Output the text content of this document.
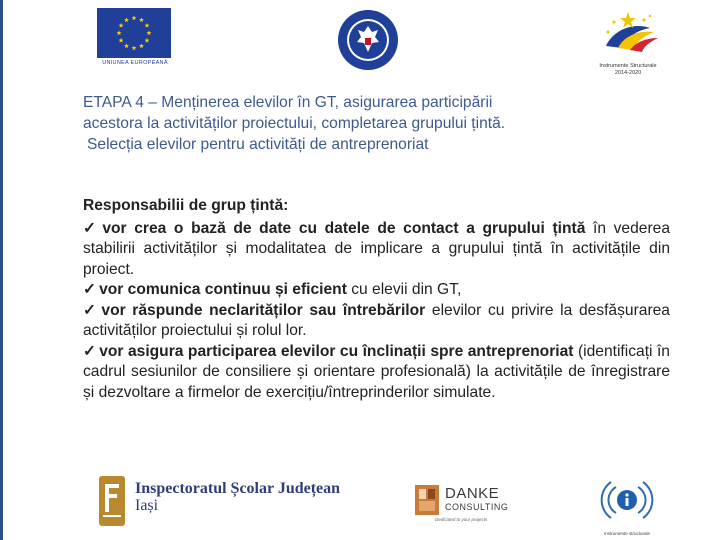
UNIUNEA EUROPEANĂ	Instrumente Structurale
2014-2020
ETAPA 4 – Menținerea elevilor în GT, asigurarea participării
acestora la activităților proiectului, completarea grupului țintă.
Selecția elevilor pentru activități de antreprenoriat

Responsabilii de grup țintă:

✓ vor crea o bază de date cu datele de contact a grupului țintă în vederea stabilirii activităților și modalitatea de implicare a grupului țintă în activitățile din proiect.

✓ vor comunica continuu și eficient cu elevii din GT,

✓ vor răspunde neclarităților sau întrebărilor elevilor cu privire la desfășurarea activităților proiectului și rolul lor.

✓ vor asigura participarea elevilor cu înclinații spre antreprenoriat (identificați în cadrul sesiunilor de consiliere și orientare profesională) la activitățile de înregistrare și dezvoltare a firmelor de exercițiu/întreprinderilor simulate.

Inspectoratul Școlar Județean
Iași
DANKE
CONSULTING
Dedicated to your projects
Instrumente structurale
